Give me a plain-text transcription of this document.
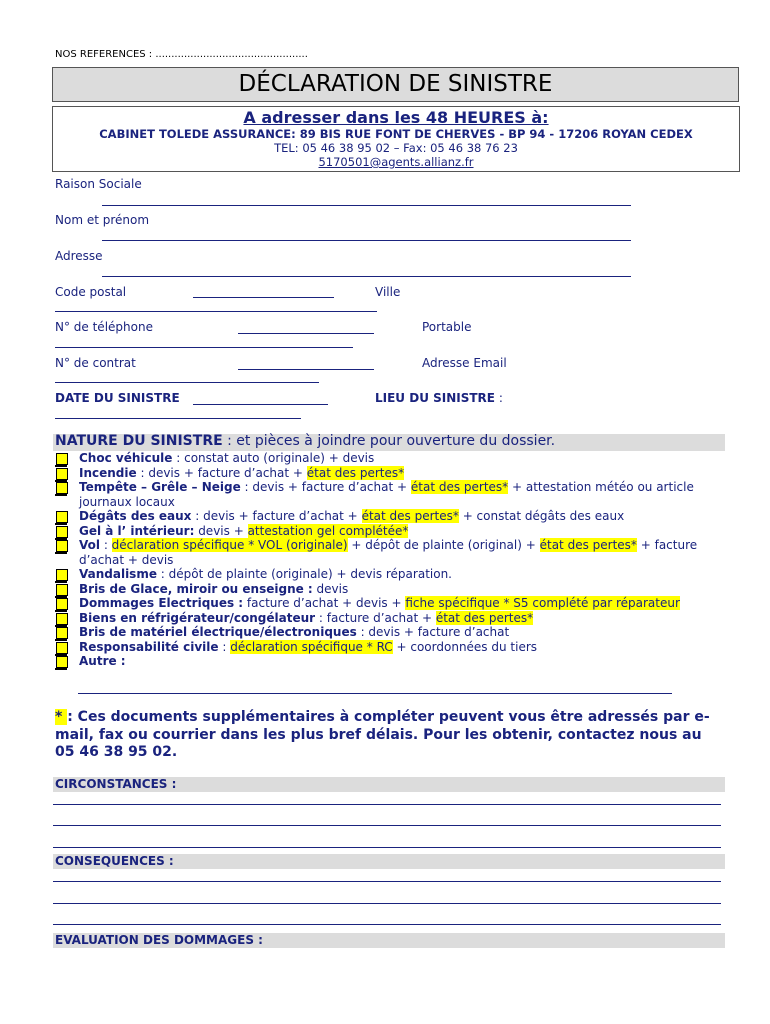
NOS REFERENCES : ................................................
DÉCLARATION DE SINISTRE
A adresser dans les 48 HEURES à:
CABINET TOLEDE ASSURANCE: 89 BIS RUE FONT DE CHERVES - BP 94 - 17206 ROYAN CEDEX
TEL: 05 46 38 95 02 – Fax: 05 46 38 76 23
5170501@agents.allianz.fr
Raison Sociale
Nom et prénom
Adresse
Code postal	Ville
N° de téléphone	Portable
N° de contrat	Adresse Email
DATE DU SINISTRE	LIEU DU SINISTRE :
NATURE DU SINISTRE : et pièces à joindre pour ouverture du dossier.
Choc véhicule : constat auto (originale) + devis
Incendie : devis + facture d’achat + état des pertes*
Tempête – Grêle – Neige : devis + facture d’achat + état des pertes* + attestation météo ou article journaux locaux
Dégâts des eaux : devis + facture d’achat + état des pertes* + constat dégâts des eaux
Gel à l’ intérieur: devis + attestation gel complétée*
Vol : déclaration spécifique * VOL (originale) + dépôt de plainte (original) + état des pertes* + facture d’achat + devis
Vandalisme : dépôt de plainte (originale) + devis réparation.
Bris de Glace, miroir ou enseigne : devis
Dommages Electriques : facture d’achat + devis + fiche spécifique * S5 complété par réparateur
Biens en réfrigérateur/congélateur : facture d’achat + état des pertes*
Bris de matériel électrique/électroniques : devis + facture d’achat
Responsabilité civile : déclaration spécifique * RC + coordonnées du tiers
Autre :
* : Ces documents supplémentaires à compléter peuvent vous être adressés par e-mail, fax ou courrier dans les plus bref délais. Pour les obtenir, contactez nous au 05 46 38 95 02.
CIRCONSTANCES :
CONSEQUENCES :
EVALUATION DES DOMMAGES :
